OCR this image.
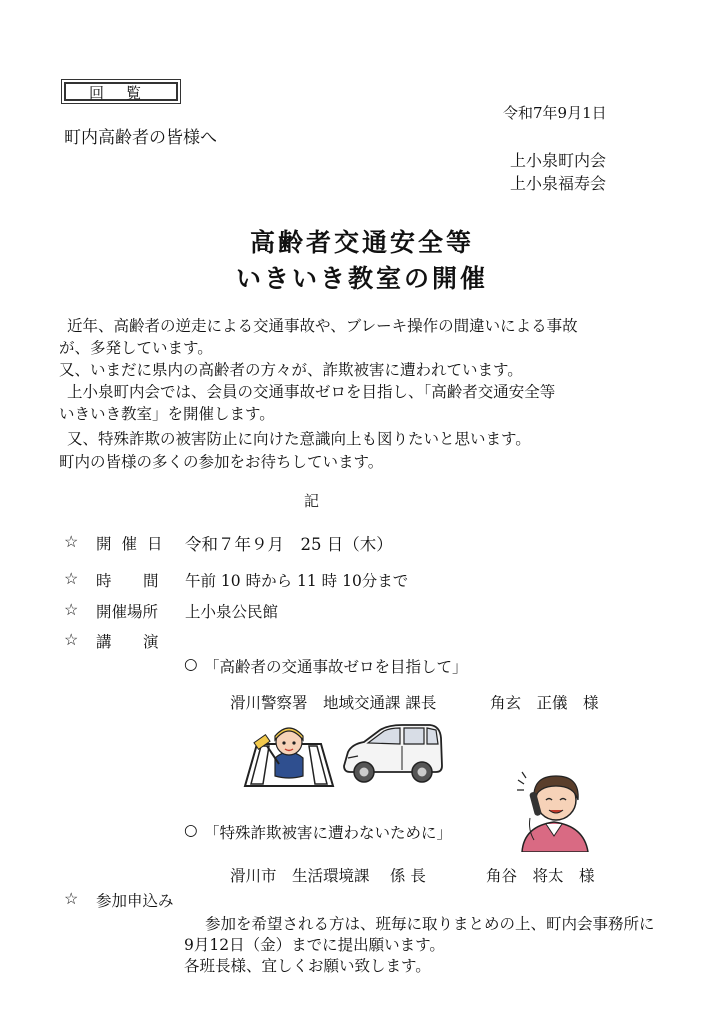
回覧
令和7年9月1日
町内高齢者の皆様へ
上小泉町内会
上小泉福寿会
高齢者交通安全等
いきいき教室の開催
近年、高齢者の逆走による交通事故や、ブレーキ操作の間違いによる事故
が、多発しています。
又、いまだに県内の高齢者の方々が、詐欺被害に遭われています。
上小泉町内会では、会員の交通事故ゼロを目指し、「高齢者交通安全等
いきいき教室」を開催します。
又、特殊詐欺の被害防止に向けた意識向上も図りたいと思います。
町内の皆様の多くの参加をお待ちしています。
記
☆ 開催日 令和７年９月　25 日（木）
☆ 時　間 午前 10 時から 11 時 10分まで
☆ 開催場所 上小泉公民館
☆ 講　演
○ 「高齢者の交通事故ゼロを目指して」
滑川警察署　地域交通課 課長	角玄　正儀　様
○ 「特殊詐欺被害に遭わないために」
滑川市　生活環境課　 係 長	角谷　将太　様
☆ 参加申込み
参加を希望される方は、班毎に取りまとめの上、町内会事務所に
9月12日（金）までに提出願います。
各班長様、宜しくお願い致します。
